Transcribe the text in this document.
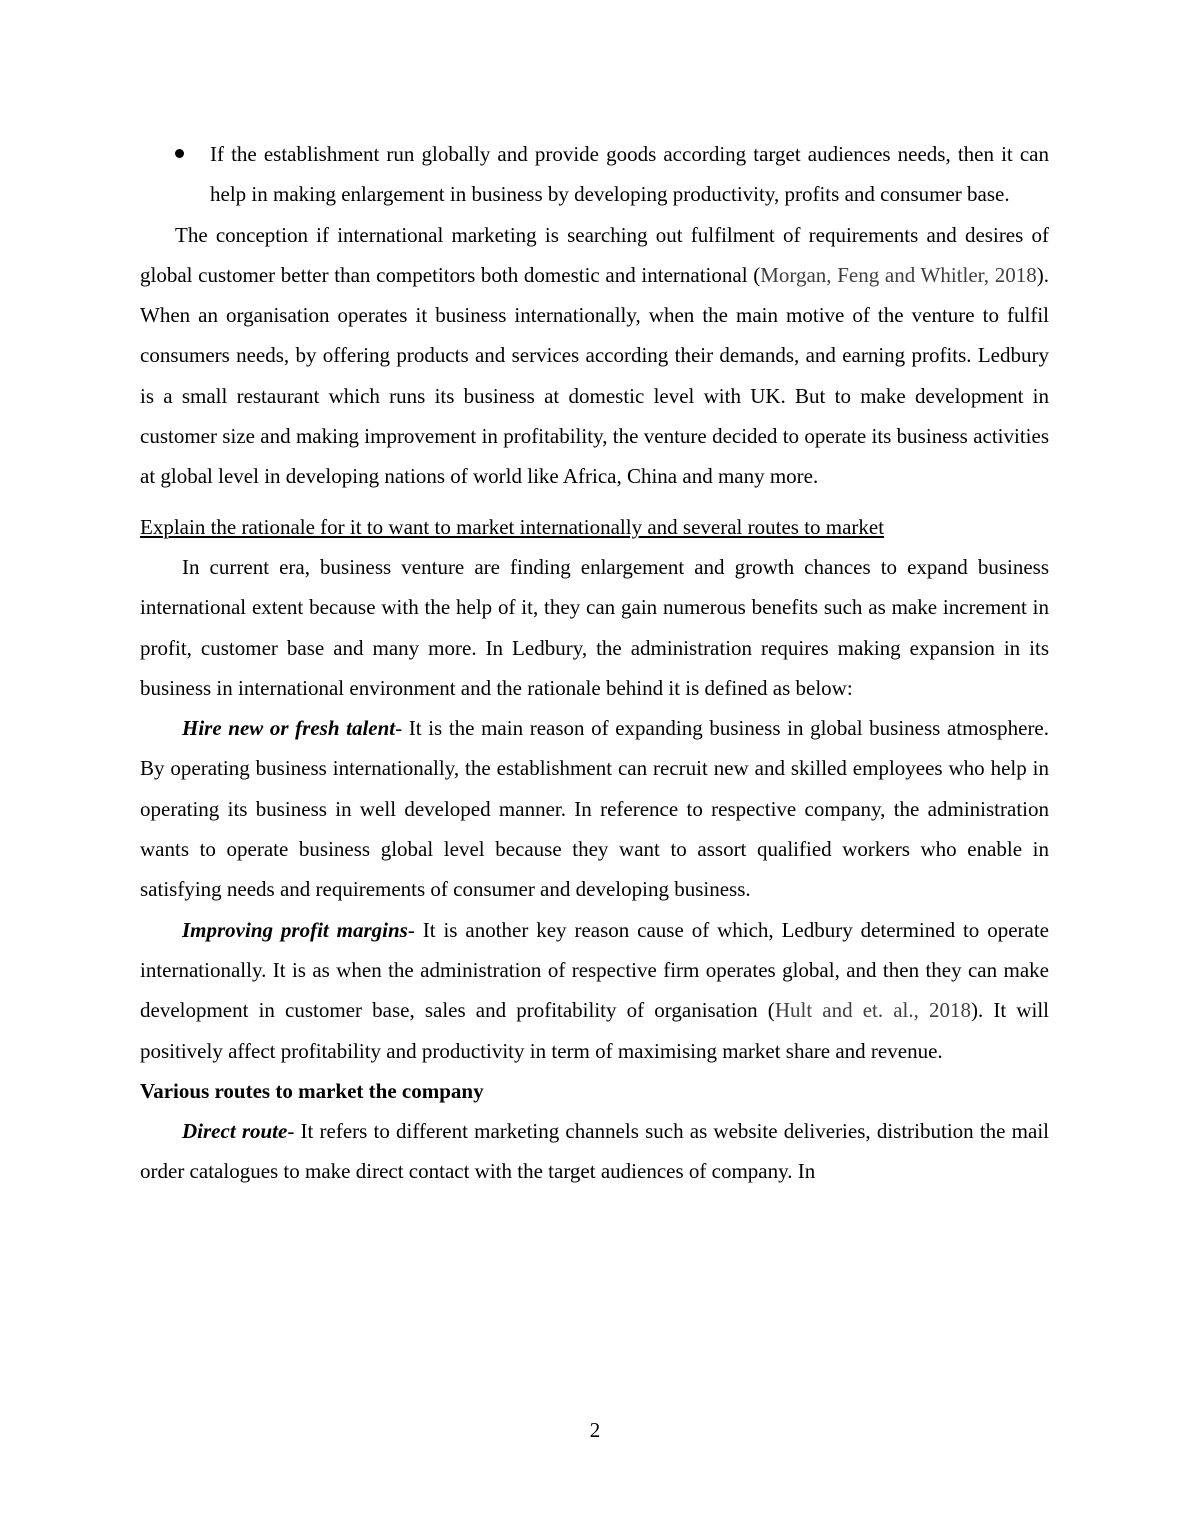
If the establishment run globally and provide goods according target audiences needs, then it can help in making enlargement in business by developing productivity, profits and consumer base.

The conception if international marketing is searching out fulfilment of requirements and desires of global customer better than competitors both domestic and international (Morgan, Feng and Whitler, 2018). When an organisation operates it business internationally, when the main motive of the venture to fulfil consumers needs, by offering products and services according their demands, and earning profits. Ledbury is a small restaurant which runs its business at domestic level with UK. But to make development in customer size and making improvement in profitability, the venture decided to operate its business activities at global level in developing nations of world like Africa, China and many more.

Explain the rationale for it to want to market internationally and several routes to market

In current era, business venture are finding enlargement and growth chances to expand business international extent because with the help of it, they can gain numerous benefits such as make increment in profit, customer base and many more. In Ledbury, the administration requires making expansion in its business in international environment and the rationale behind it is defined as below:

Hire new or fresh talent- It is the main reason of expanding business in global business atmosphere. By operating business internationally, the establishment can recruit new and skilled employees who help in operating its business in well developed manner. In reference to respective company, the administration wants to operate business global level because they want to assort qualified workers who enable in satisfying needs and requirements of consumer and developing business.

Improving profit margins- It is another key reason cause of which, Ledbury determined to operate internationally. It is as when the administration of respective firm operates global, and then they can make development in customer base, sales and profitability of organisation (Hult and et. al., 2018). It will positively affect profitability and productivity in term of maximising market share and revenue.

Various routes to market the company

Direct route- It refers to different marketing channels such as website deliveries, distribution the mail order catalogues to make direct contact with the target audiences of company. In

2
